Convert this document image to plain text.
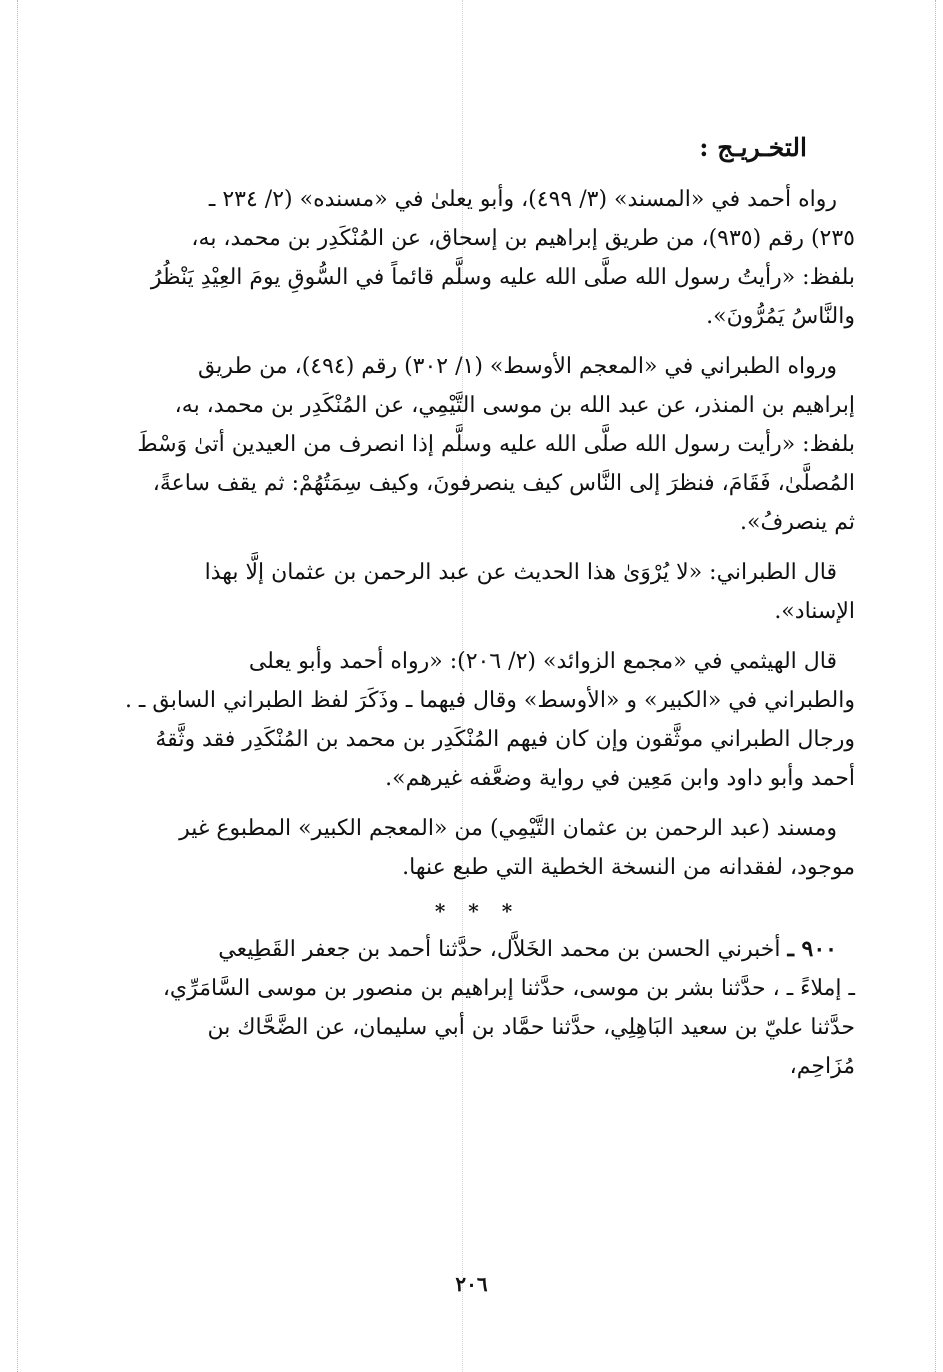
التخـريـج :
رواه أحمد في «المسند» (٣/ ٤٩٩)، وأبو يعلىٰ في «مسنده» (٢/ ٢٣٤ ـ
٢٣٥) رقم (٩٣٥)، من طريق إبراهيم بن إسحاق، عن المُنْكَدِر بن محمد، به،
بلفظ: «رأيتُ رسول الله صلَّى الله عليه وسلَّم قائماً في السُّوقِ يومَ العِيْدِ يَنْظُرُ
والنَّاسُ يَمُرُّونَ».
ورواه الطبراني في «المعجم الأوسط» (١/ ٣٠٢) رقم (٤٩٤)، من طريق
إبراهيم بن المنذر، عن عبد الله بن موسى التَّيْمِي، عن المُنْكَدِر بن محمد، به،
بلفظ: «رأيت رسول الله صلَّى الله عليه وسلَّم إذا انصرف من العيدين أتىٰ وَسْطَ
المُصلَّىٰ، فَقَامَ، فنظرَ إلى النَّاس كيف ينصرفونَ، وكيف سِمَتُهُمْ: ثم يقف ساعةً،
ثم ينصرفُ».
قال الطبراني: «لا يُرْوَىٰ هذا الحديث عن عبد الرحمن بن عثمان إلَّا بهذا
الإسناد».
قال الهيثمي في «مجمع الزوائد» (٢/ ٢٠٦): «رواه أحمد وأبو يعلى
والطبراني في «الكبير» و «الأوسط» وقال فيهما ـ وذَكَرَ لفظ الطبراني السابق ـ .
ورجال الطبراني موثَّقون وإن كان فيهم المُنْكَدِر بن محمد بن المُنْكَدِر فقد وثَّقهُ
أحمد وأبو داود وابن مَعِين في رواية وضعَّفه غيرهم».
ومسند (عبد الرحمن بن عثمان التَّيْمِي) من «المعجم الكبير» المطبوع غير
موجود، لفقدانه من النسخة الخطية التي طبع عنها.
* * *
٩٠٠ ـ أخبرني الحسن بن محمد الخَلاَّل، حدَّثنا أحمد بن جعفر القَطِيعي
ـ إملاءً ـ ، حدَّثنا بشر بن موسى، حدَّثنا إبراهيم بن منصور بن موسى السَّامَرِّي،
حدَّثنا عليّ بن سعيد البَاهِلِي، حدَّثنا حمَّاد بن أبي سليمان، عن الضَّحَّاك بن
مُزَاحِم،
٢٠٦
